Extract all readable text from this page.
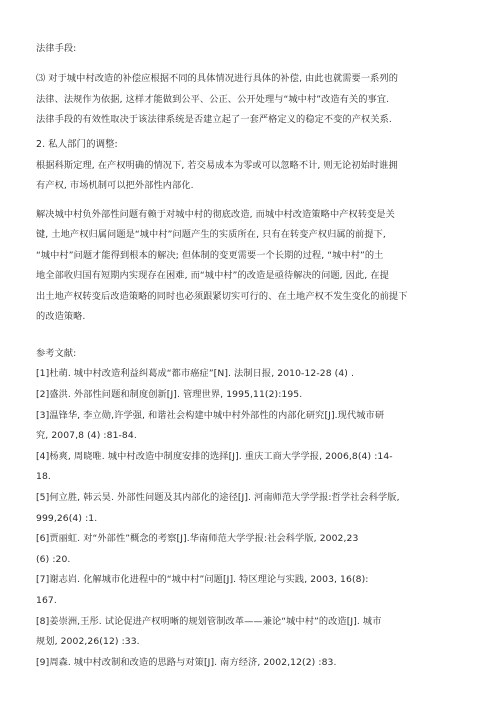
法律手段:
⑶ 对于城中村改造的补偿应根据不同的具体情况进行具体的补偿, 由此也就需要一系列的
法律、法规作为依据, 这样才能做到公平、公正、公开处理与“城中村”改造有关的事宜.
法律手段的有效性取决于该法律系统是否建立起了一套严格定义的稳定不变的产权关系.
2. 私人部门的调整:
根据科斯定理, 在产权明确的情况下, 若交易成本为零或可以忽略不计, 则无论初始时谁拥
有产权, 市场机制可以把外部性内部化.
解决城中村负外部性问题有赖于对城中村的彻底改造, 而城中村改造策略中产权转变是关
键, 土地产权归属问题是“城中村”问题产生的实质所在, 只有在转变产权归属的前提下,
“城中村”问题才能得到根本的解决; 但体制的变更需要一个长期的过程, “城中村”的土
地全部收归国有短期内实现存在困难, 而“城中村”的改造是亟待解决的问题, 因此, 在提
出土地产权转变后改造策略的同时也必须跟紧切实可行的、在土地产权不发生变化的前提下
的改造策略.
参考文献:
[1]杜萌. 城中村改造利益纠葛成“都市癌症”[N]. 法制日报, 2010-12-28 (4) .
[2]盛洪. 外部性问题和制度创新[J]. 管理世界, 1995,11(2):195.
[3]温锋华, 李立勋,许学强, 和谐社会构建中城中村外部性的内部化研究[J].现代城市研
究, 2007,8 (4) :81-84.
[4]杨爽, 周晓唯. 城中村改造中制度安排的选择[J]. 重庆工商大学学报, 2006,8(4) :14-
18.
[5]何立胜, 韩云昊. 外部性问题及其内部化的途径[J]. 河南师范大学学报:哲学社会科学版,
999,26(4) :1.
[6]贾丽虹. 对“外部性”概念的考察[J].华南师范大学学报:社会科学版, 2002,23
(6) :20.
[7]谢志岿. 化解城市化进程中的“城中村”问题[J]. 特区理论与实践, 2003, 16(8):
167.
[8]姜崇洲,王彤. 试论促进产权明晰的规划管制改革——兼论“城中村”的改造[J]. 城市
规划, 2002,26(12) :33.
[9]周森. 城中村改制和改造的思路与对策[J]. 南方经济, 2002,12(2) :83.
